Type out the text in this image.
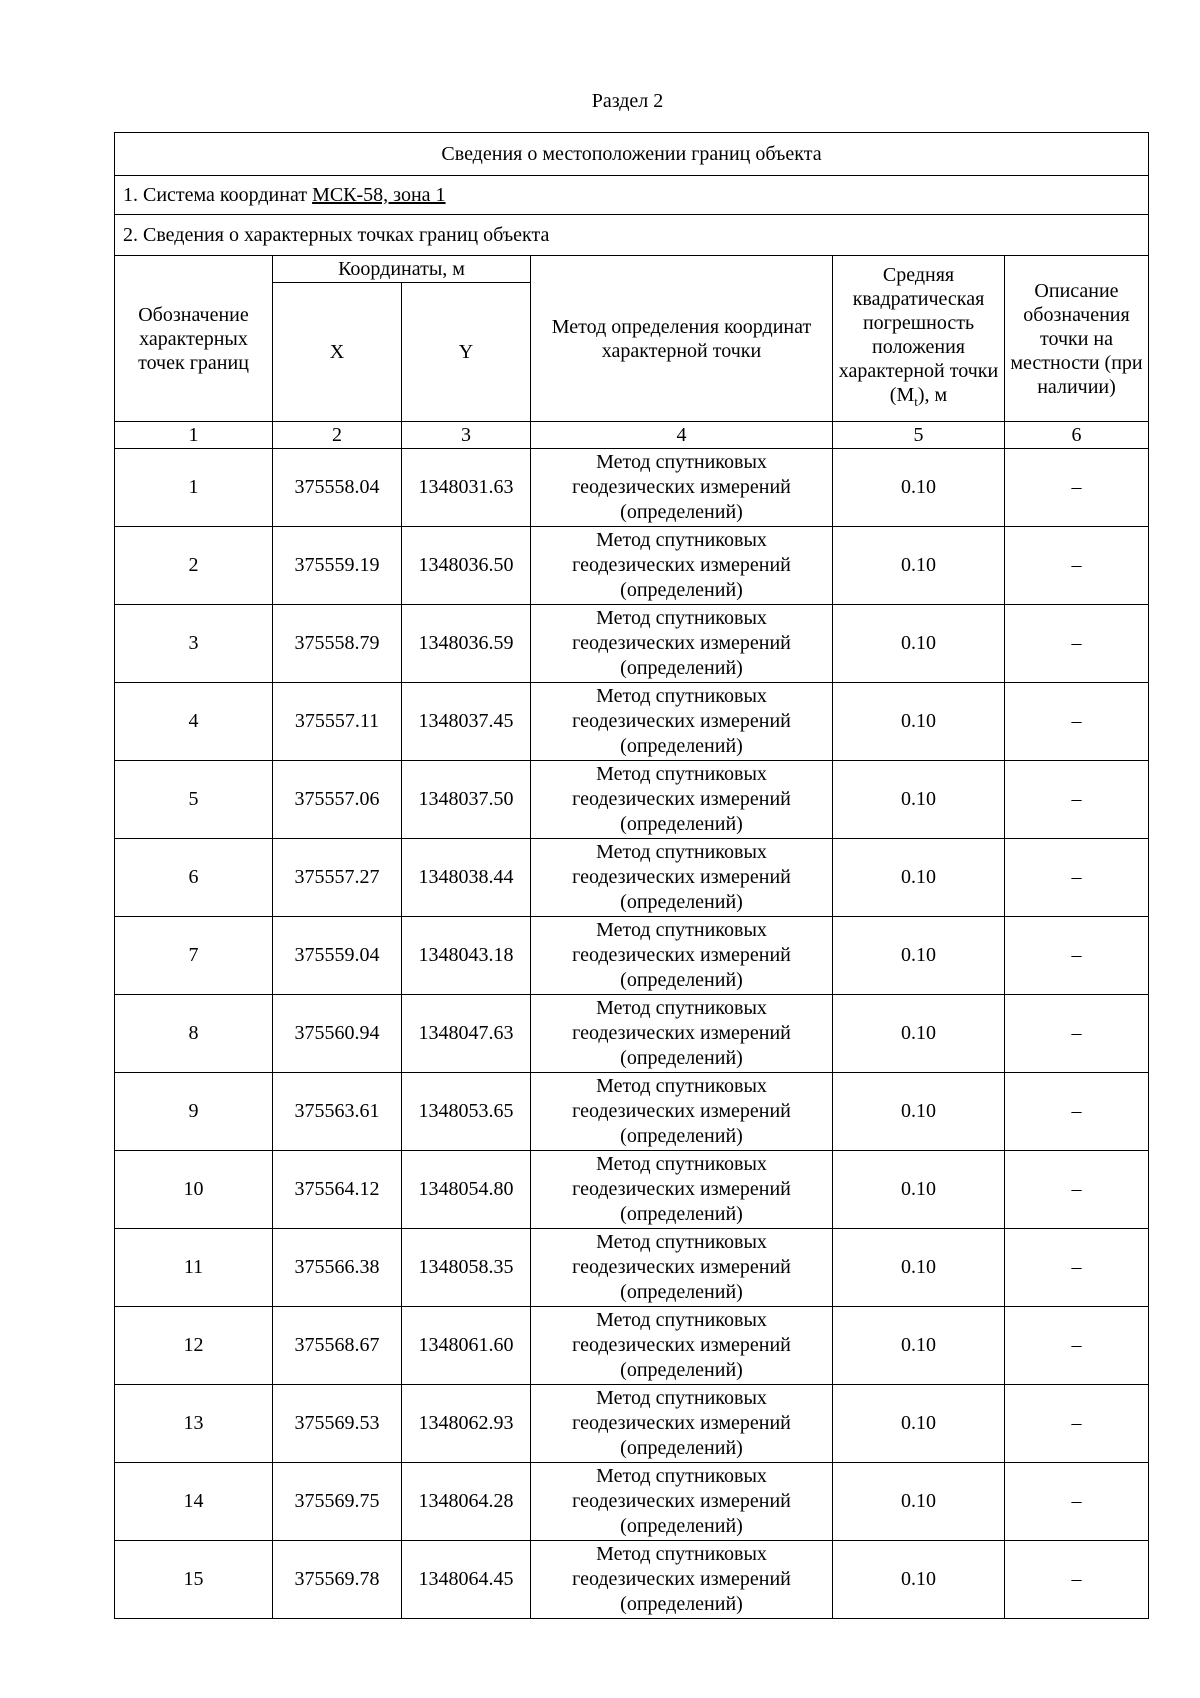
Раздел 2
Сведения о местоположении границ объекта					
1. Система координат МСК-58, зона 1					
2. Сведения о характерных точках границ объекта					
Обозначение характерных точек границ	Координаты, м		Метод определения координат характерной точки	Средняя квадратическая погрешность положения характерной точки $(M_t)$, м	Описание обозначения точки на местности (при наличии)
	X	Y			
1	2	3	4	5	6
1	375558.04	1348031.63	Метод спутниковых
геодезических измерений
(определений)	0.10	–
2	375559.19	1348036.50	Метод спутниковых
геодезических измерений
(определений)	0.10	–
3	375558.79	1348036.59	Метод спутниковых
геодезических измерений
(определений)	0.10	–
4	375557.11	1348037.45	Метод спутниковых
геодезических измерений
(определений)	0.10	–
5	375557.06	1348037.50	Метод спутниковых
геодезических измерений
(определений)	0.10	–
6	375557.27	1348038.44	Метод спутниковых
геодезических измерений
(определений)	0.10	–
7	375559.04	1348043.18	Метод спутниковых
геодезических измерений
(определений)	0.10	–
8	375560.94	1348047.63	Метод спутниковых
геодезических измерений
(определений)	0.10	–
9	375563.61	1348053.65	Метод спутниковых
геодезических измерений
(определений)	0.10	–
10	375564.12	1348054.80	Метод спутниковых
геодезических измерений
(определений)	0.10	–
11	375566.38	1348058.35	Метод спутниковых
геодезических измерений
(определений)	0.10	–
12	375568.67	1348061.60	Метод спутниковых
геодезических измерений
(определений)	0.10	–
13	375569.53	1348062.93	Метод спутниковых
геодезических измерений
(определений)	0.10	–
14	375569.75	1348064.28	Метод спутниковых
геодезических измерений
(определений)	0.10	–
15	375569.78	1348064.45	Метод спутниковых
геодезических измерений
(определений)	0.10	–
